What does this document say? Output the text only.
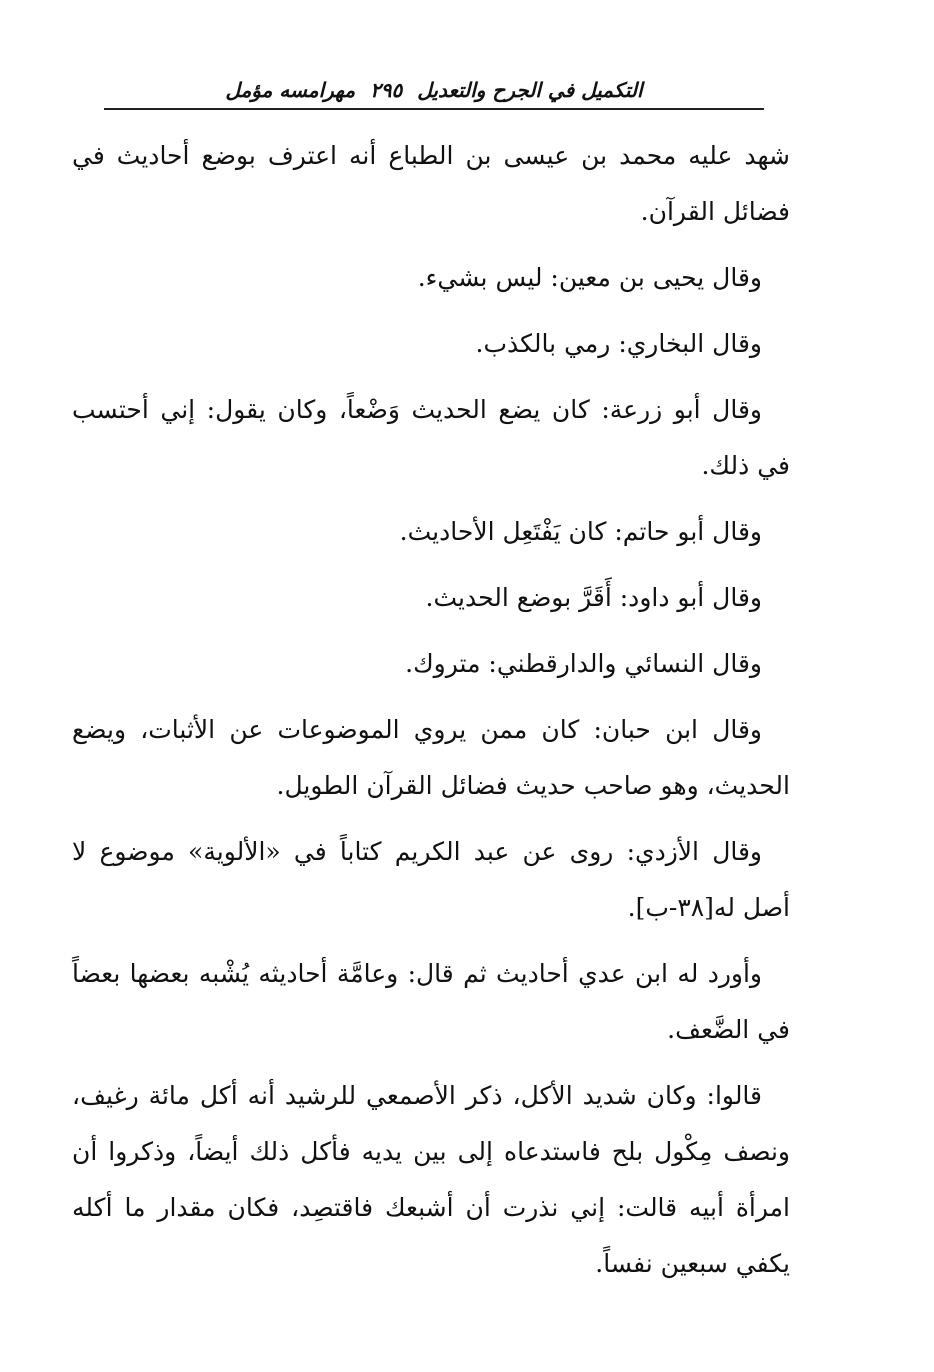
التكميل في الجرح والتعديل ٢٩٥ مهرامسه مؤمل

شهد عليه محمد بن عيسى بن الطباع أنه اعترف بوضع أحاديث في فضائل القرآن.

وقال يحيى بن معين: ليس بشيء.

وقال البخاري: رمي بالكذب.

وقال أبو زرعة: كان يضع الحديث وَضْعاً، وكان يقول: إني أحتسب في ذلك.

وقال أبو حاتم: كان يَفْتَعِل الأحاديث.

وقال أبو داود: أَقَرَّ بوضع الحديث.

وقال النسائي والدارقطني: متروك.

وقال ابن حبان: كان ممن يروي الموضوعات عن الأثبات، ويضع الحديث، وهو صاحب حديث فضائل القرآن الطويل.

وقال الأزدي: روى عن عبد الكريم كتاباً في «الألوية» موضوع لا أصل له[٣٨-ب].

وأورد له ابن عدي أحاديث ثم قال: وعامَّة أحاديثه يُشْبه بعضها بعضاً في الضَّعف.

قالوا: وكان شديد الأكل، ذكر الأصمعي للرشيد أنه أكل مائة رغيف، ونصف مِكْول بلح فاستدعاه إلى بين يديه فأكل ذلك أيضاً، وذكروا أن امرأة أبيه قالت: إني نذرت أن أشبعك فاقتصِد، فكان مقدار ما أكله يكفي سبعين نفساً.
